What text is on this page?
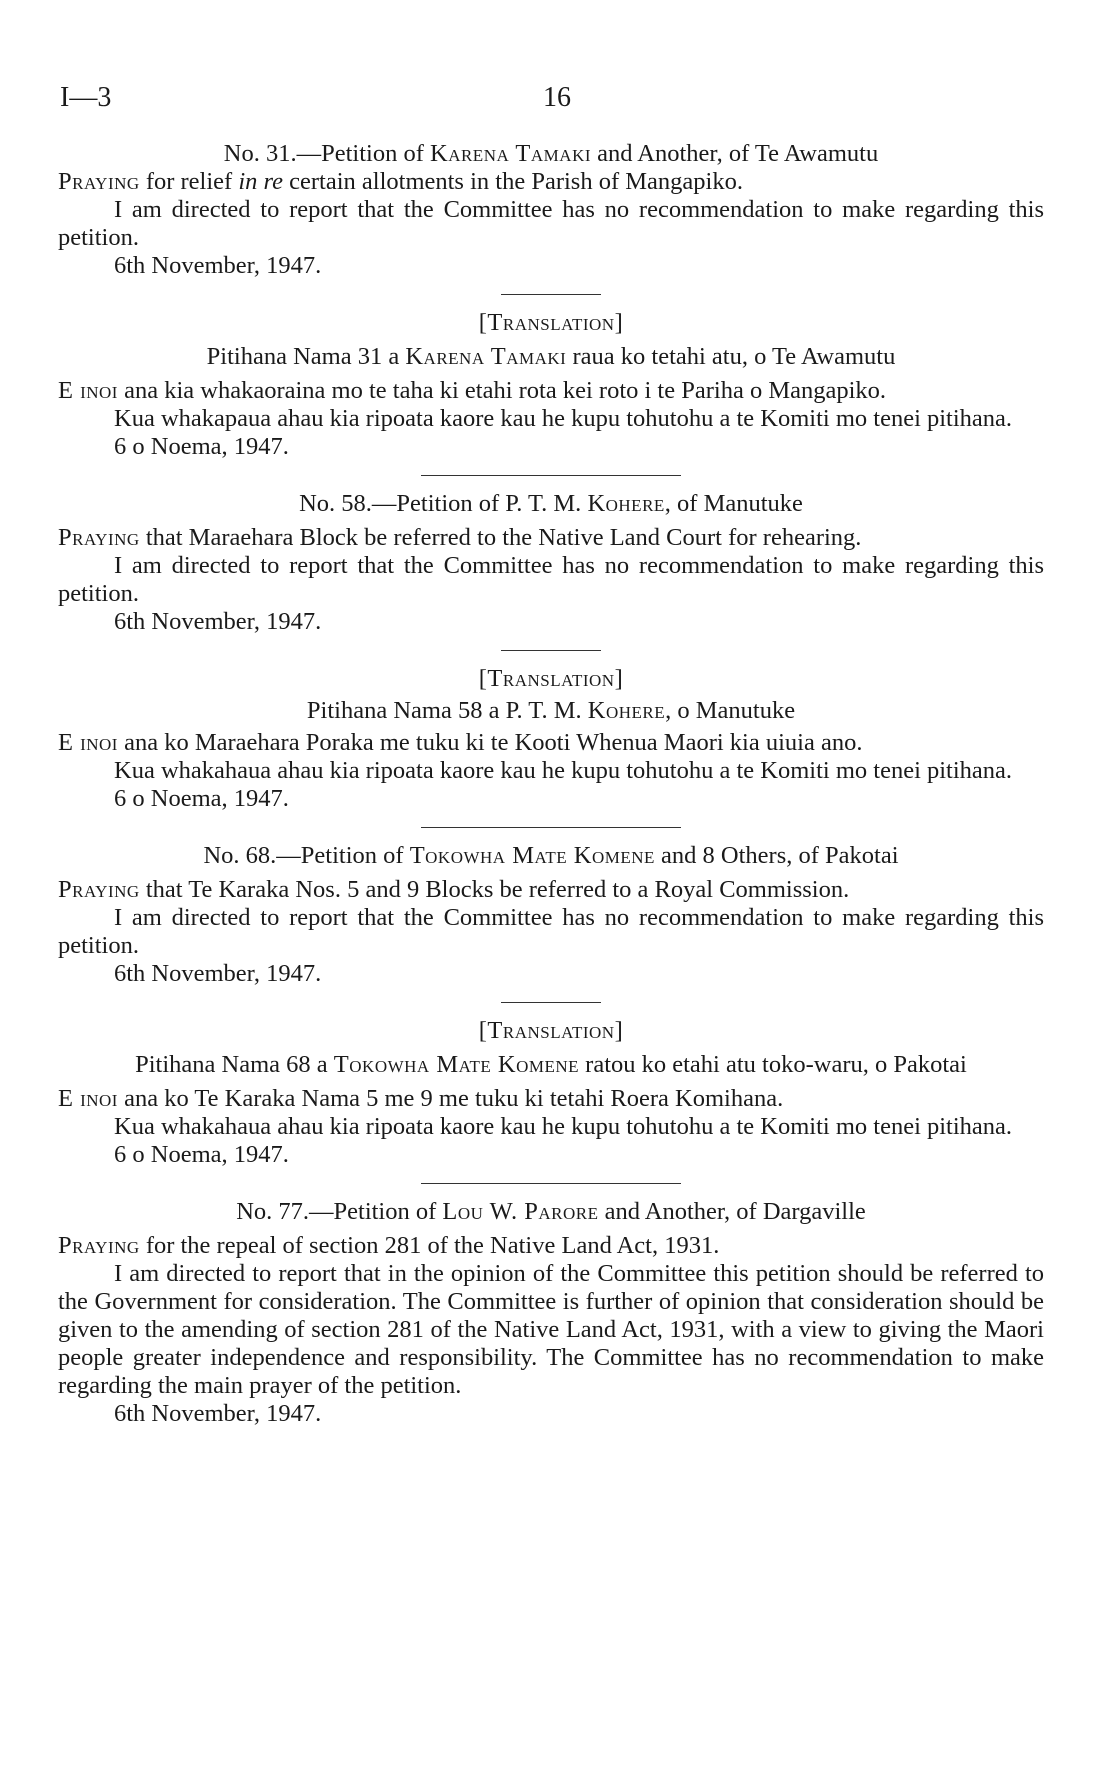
I—3	16

No. 31.—Petition of Karena Tamaki and Another, of Te Awamutu

Praying for relief in re certain allotments in the Parish of Mangapiko.

I am directed to report that the Committee has no recommendation to make regarding this petition.

6th November, 1947.

[Translation]

Pitihana Nama 31 a Karena Tamaki raua ko tetahi atu, o Te Awamutu

E inoi ana kia whakaoraina mo te taha ki etahi rota kei roto i te Pariha o Mangapiko.

Kua whakapaua ahau kia ripoata kaore kau he kupu tohutohu a te Komiti mo tenei pitihana.

6 o Noema, 1947.

No. 58.—Petition of P. T. M. Kohere, of Manutuke

Praying that Maraehara Block be referred to the Native Land Court for rehearing.

I am directed to report that the Committee has no recommendation to make regarding this petition.

6th November, 1947.

[Translation]

Pitihana Nama 58 a P. T. M. Kohere, o Manutuke

E inoi ana ko Maraehara Poraka me tuku ki te Kooti Whenua Maori kia uiuia ano.

Kua whakahaua ahau kia ripoata kaore kau he kupu tohutohu a te Komiti mo tenei pitihana.

6 o Noema, 1947.

No. 68.—Petition of Tokowha Mate Komene and 8 Others, of Pakotai

Praying that Te Karaka Nos. 5 and 9 Blocks be referred to a Royal Commission.

I am directed to report that the Committee has no recommendation to make regarding this petition.

6th November, 1947.

[Translation]

Pitihana Nama 68 a Tokowha Mate Komene ratou ko etahi atu toko-waru, o Pakotai

E inoi ana ko Te Karaka Nama 5 me 9 me tuku ki tetahi Roera Komihana.

Kua whakahaua ahau kia ripoata kaore kau he kupu tohutohu a te Komiti mo tenei pitihana.

6 o Noema, 1947.

No. 77.—Petition of Lou W. Parore and Another, of Dargaville

Praying for the repeal of section 281 of the Native Land Act, 1931.

I am directed to report that in the opinion of the Committee this petition should be referred to the Government for consideration. The Committee is further of opinion that consideration should be given to the amending of section 281 of the Native Land Act, 1931, with a view to giving the Maori people greater independence and responsibility. The Committee has no recommendation to make regarding the main prayer of the petition.

6th November, 1947.
